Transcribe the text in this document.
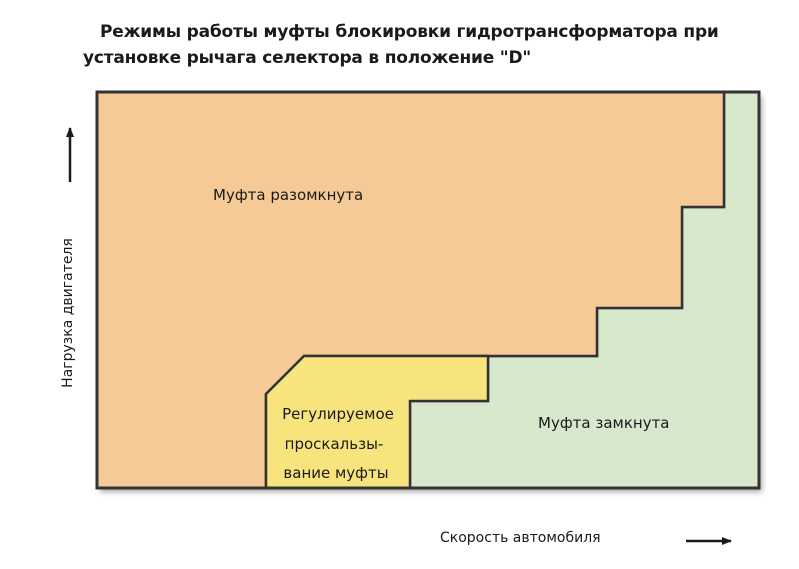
Режимы работы муфты блокировки гидротрансформатора при
установке рычага селектора в положение "D"
Муфта разомкнута
Муфта замкнута
Регулируемое
проскальзы-
вание муфты
Скорость автомобиля
Нагрузка двигателя
